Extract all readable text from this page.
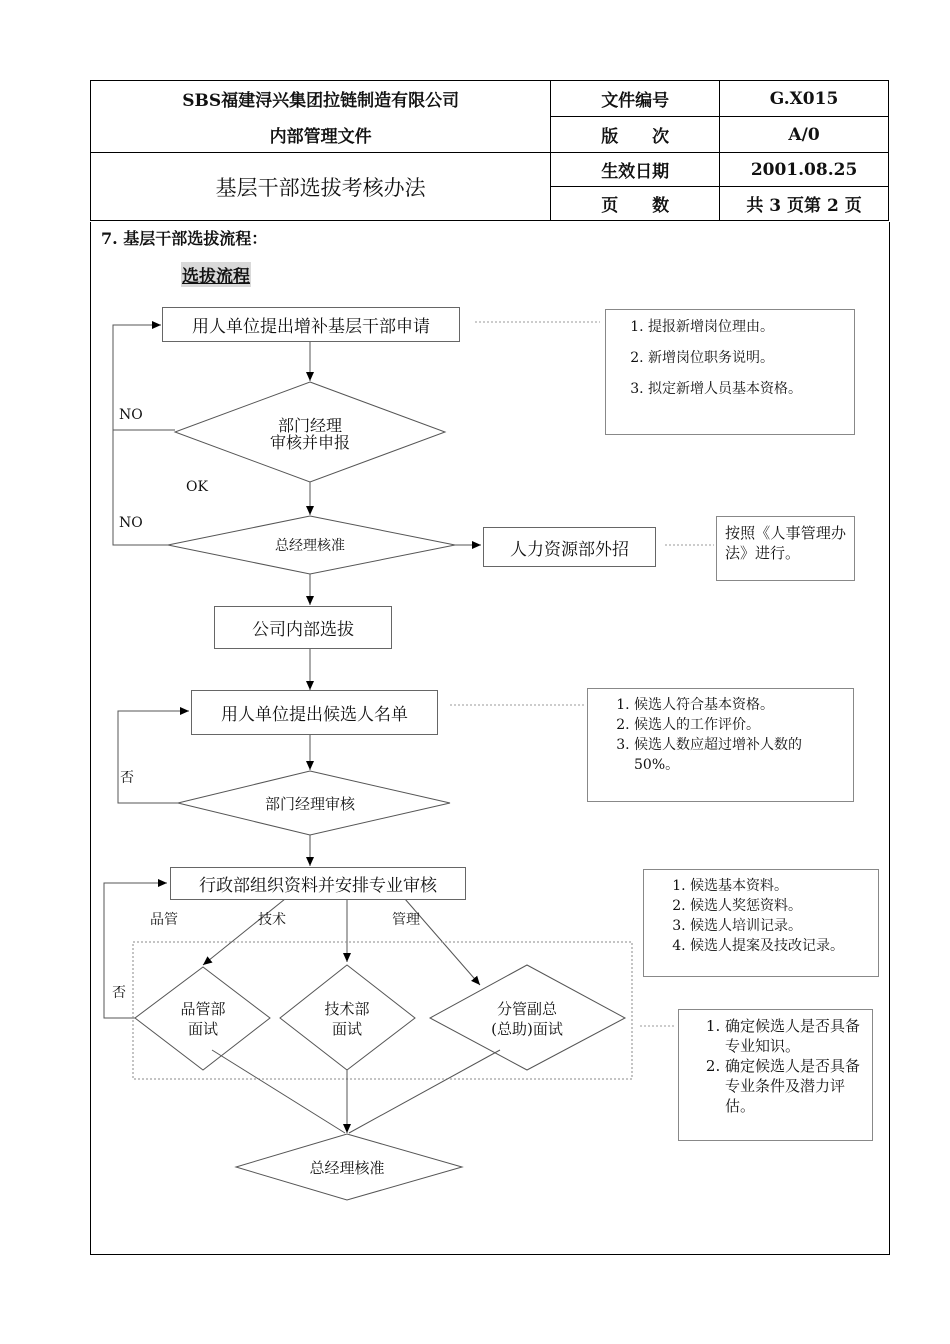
SBS福建浔兴集团拉链制造有限公司	文件编号	G.X015
内部管理文件	版　　次	A/0
基层干部选拔考核办法	生效日期	2001.08.25
	页　　数	共 3 页第 2 页
7. 基层干部选拔流程：
选拔流程
用人单位提出增补基层干部申请
部门经理
审核并申报
总经理核准	人力资源部外招
公司内部选拔
用人单位提出候选人名单
部门经理审核
行政部组织资料并安排专业审核
品管部
面试
技术部
面试
分管副总
(总助)面试
总经理核准
NO
OK
NO
否
否
品管	技术	管理
1. 提报新增岗位理由。
2. 新增岗位职务说明。
3. 拟定新增人员基本资格。
按照《人事管理办法》进行。
1. 候选人符合基本资格。
2. 候选人的工作评价。
3. 候选人数应超过增补人数的50%。
1. 候选基本资料。
2. 候选人奖惩资料。
3. 候选人培训记录。
4. 候选人提案及技改记录。
1. 确定候选人是否具备专业知识。
2. 确定候选人是否具备专业条件及潜力评估。
